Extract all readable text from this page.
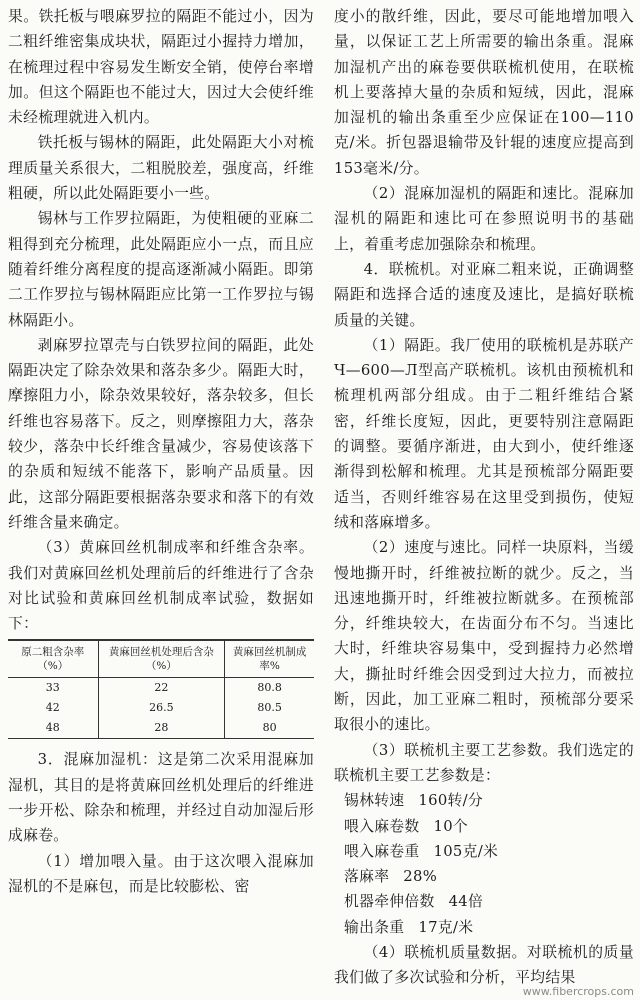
果。铁托板与喂麻罗拉的隔距不能过小，因为二粗纤维密集成块状，隔距过小握持力增加，在梳理过程中容易发生断安全销，使停台率增加。但这个隔距也不能过大，因过大会使纤维未经梳理就进入机内。

铁托板与锡林的隔距，此处隔距大小对梳理质量关系很大，二粗脱胶差，强度高，纤维粗硬，所以此处隔距要小一些。

锡林与工作罗拉隔距，为使粗硬的亚麻二粗得到充分梳理，此处隔距应小一点，而且应随着纤维分离程度的提高逐渐减小隔距。即第二工作罗拉与锡林隔距应比第一工作罗拉与锡林隔距小。

剥麻罗拉罩壳与白铁罗拉间的隔距，此处隔距决定了除杂效果和落杂多少。隔距大时，摩擦阻力小，除杂效果较好，落杂较多，但长纤维也容易落下。反之，则摩擦阻力大，落杂较少，落杂中长纤维含量减少，容易使该落下的杂质和短绒不能落下，影响产品质量。因此，这部分隔距要根据落杂要求和落下的有效纤维含量来确定。

（3）黄麻回丝机制成率和纤维含杂率。我们对黄麻回丝机处理前后的纤维进行了含杂对比试验和黄麻回丝机制成率试验，数据如下：

原二粗含杂率（%）	黄麻回丝机处理后含杂（%）	黄麻回丝机制成率%
33	22	80.8
42	26.5	80.5
48	28	80

3．混麻加湿机：这是第二次采用混麻加湿机，其目的是将黄麻回丝机处理后的纤维进一步开松、除杂和梳理，并经过自动加湿后形成麻卷。

（1）增加喂入量。由于这次喂入混麻加湿机的不是麻包，而是比较膨松、密

度小的散纤维，因此，要尽可能地增加喂入量，以保证工艺上所需要的输出条重。混麻加湿机产出的麻卷要供联梳机使用，在联梳机上要落掉大量的杂质和短绒，因此，混麻加湿机的输出条重至少应保证在100—110克/米。折包器退输带及针辊的速度应提高到153毫米/分。

（2）混麻加湿机的隔距和速比。混麻加湿机的隔距和速比可在参照说明书的基础上，着重考虑加强除杂和梳理。

4．联梳机。对亚麻二粗来说，正确调整隔距和选择合适的速度及速比，是搞好联梳质量的关键。

（1）隔距。我厂使用的联梳机是苏联产Ч—600—Л型高产联梳机。该机由预梳机和梳理机两部分组成。由于二粗纤维结合紧密，纤维长度短，因此，更要特别注意隔距的调整。要循序渐进，由大到小，使纤维逐渐得到松解和梳理。尤其是预梳部分隔距要适当，否则纤维容易在这里受到损伤，使短绒和落麻增多。

（2）速度与速比。同样一块原料，当缓慢地撕开时，纤维被拉断的就少。反之，当迅速地撕开时，纤维被拉断就多。在预梳部分，纤维块较大，在齿面分布不匀。当速比大时，纤维块容易集中，受到握持力必然增大，撕扯时纤维会因受到过大拉力，而被拉断，因此，加工亚麻二粗时，预梳部分要采取很小的速比。

（3）联梳机主要工艺参数。我们选定的联梳机主要工艺参数是：

锡林转速 160转/分
喂入麻卷数 10个
喂入麻卷重 105克/米
落麻率 28%
机器牵伸倍数 44倍
输出条重 17克/米

（4）联梳机质量数据。对联梳机的质量我们做了多次试验和分析，平均结果

www.fibercrops.com
